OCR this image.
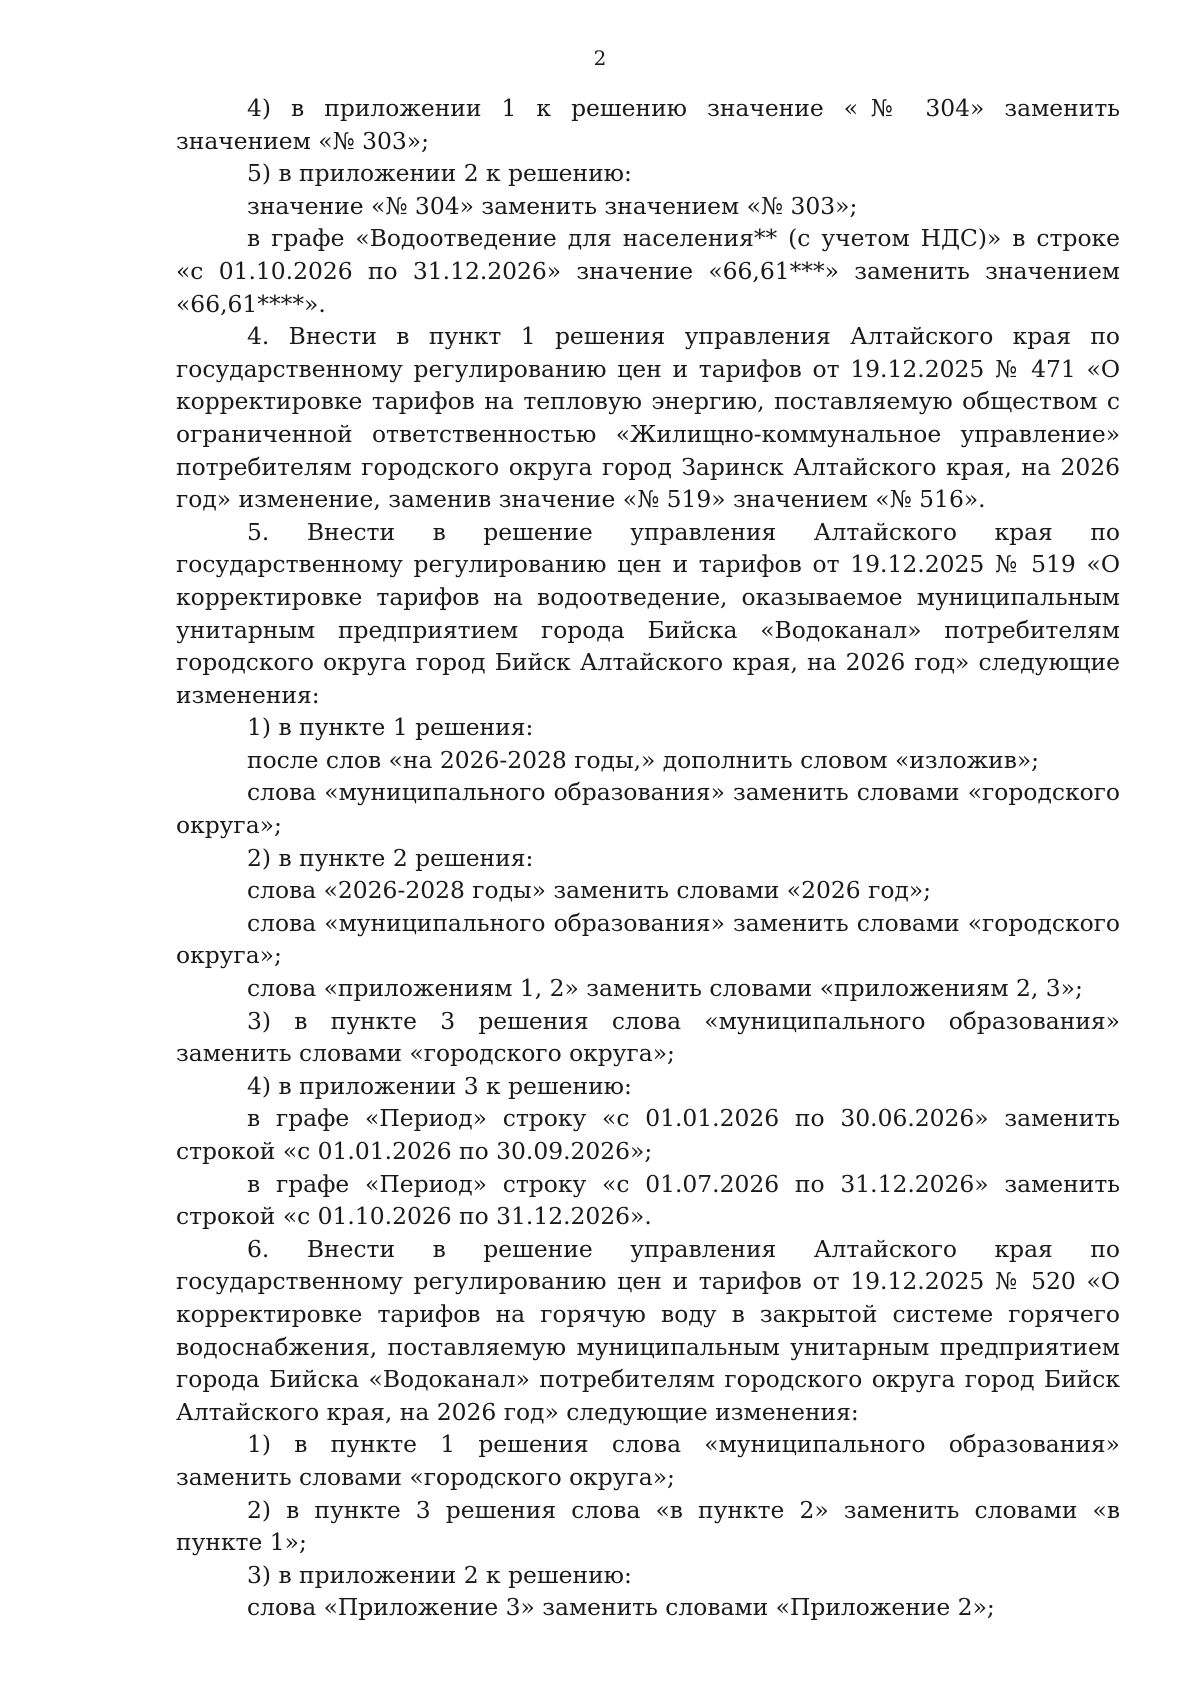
2

4) в приложении 1 к решению значение «№ 304» заменить значением «№ 303»;

5) в приложении 2 к решению:

значение «№ 304» заменить значением «№ 303»;

в графе «Водоотведение для населения** (с учетом НДС)» в строке «с 01.10.2026 по 31.12.2026» значение «66,61***» заменить значением «66,61****».

4. Внести в пункт 1 решения управления Алтайского края по государственному регулированию цен и тарифов от 19.12.2025 № 471 «О корректировке тарифов на тепловую энергию, поставляемую обществом с ограниченной ответственностью «Жилищно-коммунальное управление» потребителям городского округа город Заринск Алтайского края, на 2026 год» изменение, заменив значение «№ 519» значением «№ 516».

5. Внести в решение управления Алтайского края по государственному регулированию цен и тарифов от 19.12.2025 № 519 «О корректировке тарифов на водоотведение, оказываемое муниципальным унитарным предприятием города Бийска «Водоканал» потребителям городского округа город Бийск Алтайского края, на 2026 год» следующие изменения:

1) в пункте 1 решения:

после слов «на 2026-2028 годы,» дополнить словом «изложив»;

слова «муниципального образования» заменить словами «городского округа»;

2) в пункте 2 решения:

слова «2026-2028 годы» заменить словами «2026 год»;

слова «муниципального образования» заменить словами «городского округа»;

слова «приложениям 1, 2» заменить словами «приложениям 2, 3»;

3) в пункте 3 решения слова «муниципального образования» заменить словами «городского округа»;

4) в приложении 3 к решению:

в графе «Период» строку «с 01.01.2026 по 30.06.2026» заменить строкой «с 01.01.2026 по 30.09.2026»;

в графе «Период» строку «с 01.07.2026 по 31.12.2026» заменить строкой «с 01.10.2026 по 31.12.2026».

6. Внести в решение управления Алтайского края по государственному регулированию цен и тарифов от 19.12.2025 № 520 «О корректировке тарифов на горячую воду в закрытой системе горячего водоснабжения, поставляемую муниципальным унитарным предприятием города Бийска «Водоканал» потребителям городского округа город Бийск Алтайского края, на 2026 год» следующие изменения:

1) в пункте 1 решения слова «муниципального образования» заменить словами «городского округа»;

2) в пункте 3 решения слова «в пункте 2» заменить словами «в пункте 1»;

3) в приложении 2 к решению:

слова «Приложение 3» заменить словами «Приложение 2»;
